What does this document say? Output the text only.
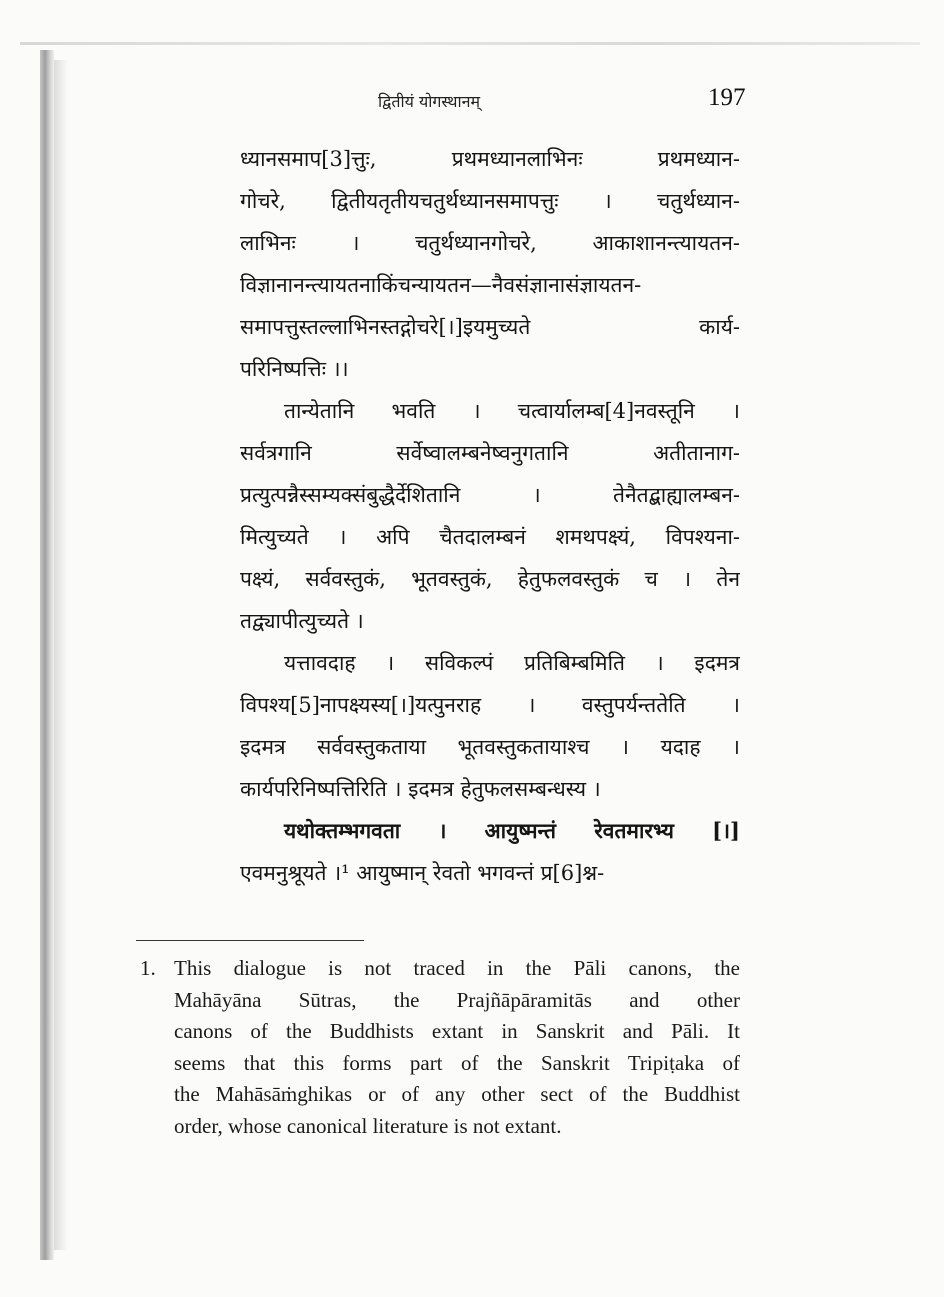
द्वितीयं योगस्थानम्	197
ध्यानसमाप[3]त्तुः, प्रथमध्यानलाभिनः प्रथमध्यान-
गोचरे, द्वितीयतृतीयचतुर्थध्यानसमापत्तुः । चतुर्थध्यान-
लाभिनः । चतुर्थध्यानगोचरे, आकाशानन्त्यायतन-
विज्ञानानन्त्यायतनाकिंचन्यायतन—नैवसंज्ञानासंज्ञायतन-
समापत्तुस्तल्लाभिनस्तद्गोचरे[।]इयमुच्यते कार्य-
परिनिष्पत्तिः ।।
तान्येतानि भवति । चत्वार्यालम्ब[4]नवस्तूनि ।
सर्वत्रगानि सर्वेष्वालम्बनेष्वनुगतानि अतीतानाग-
प्रत्युत्पन्नैस्सम्यक्संबुद्धैर्देशितानि । तेनैतद्बाह्यालम्बन-
मित्युच्यते । अपि चैतदालम्बनं शमथपक्ष्यं, विपश्यना-
पक्ष्यं, सर्ववस्तुकं, भूतवस्तुकं, हेतुफलवस्तुकं च । तेन
तद्व्यापीत्युच्यते ।
यत्तावदाह । सविकल्पं प्रतिबिम्बमिति । इदमत्र
विपश्य[5]नापक्ष्यस्य[।]यत्पुनराह । वस्तुपर्यन्ततेति ।
इदमत्र सर्ववस्तुकताया भूतवस्तुकतायाश्च । यदाह ।
कार्यपरिनिष्पत्तिरिति । इदमत्र हेतुफलसम्बन्धस्य ।
यथोक्तम्भगवता । आयुष्मन्तं रेवतमारभ्य [।]
एवमनुश्रूयते ।¹ आयुष्मान् रेवतो भगवन्तं प्र[6]श्न-
1. This dialogue is not traced in the Pāli canons, the
Mahāyāna Sūtras, the Prajñāpāramitās and other
canons of the Buddhists extant in Sanskrit and Pāli. It
seems that this forms part of the Sanskrit Tripiṭaka of
the Mahāsāṁghikas or of any other sect of the Buddhist
order, whose canonical literature is not extant.
